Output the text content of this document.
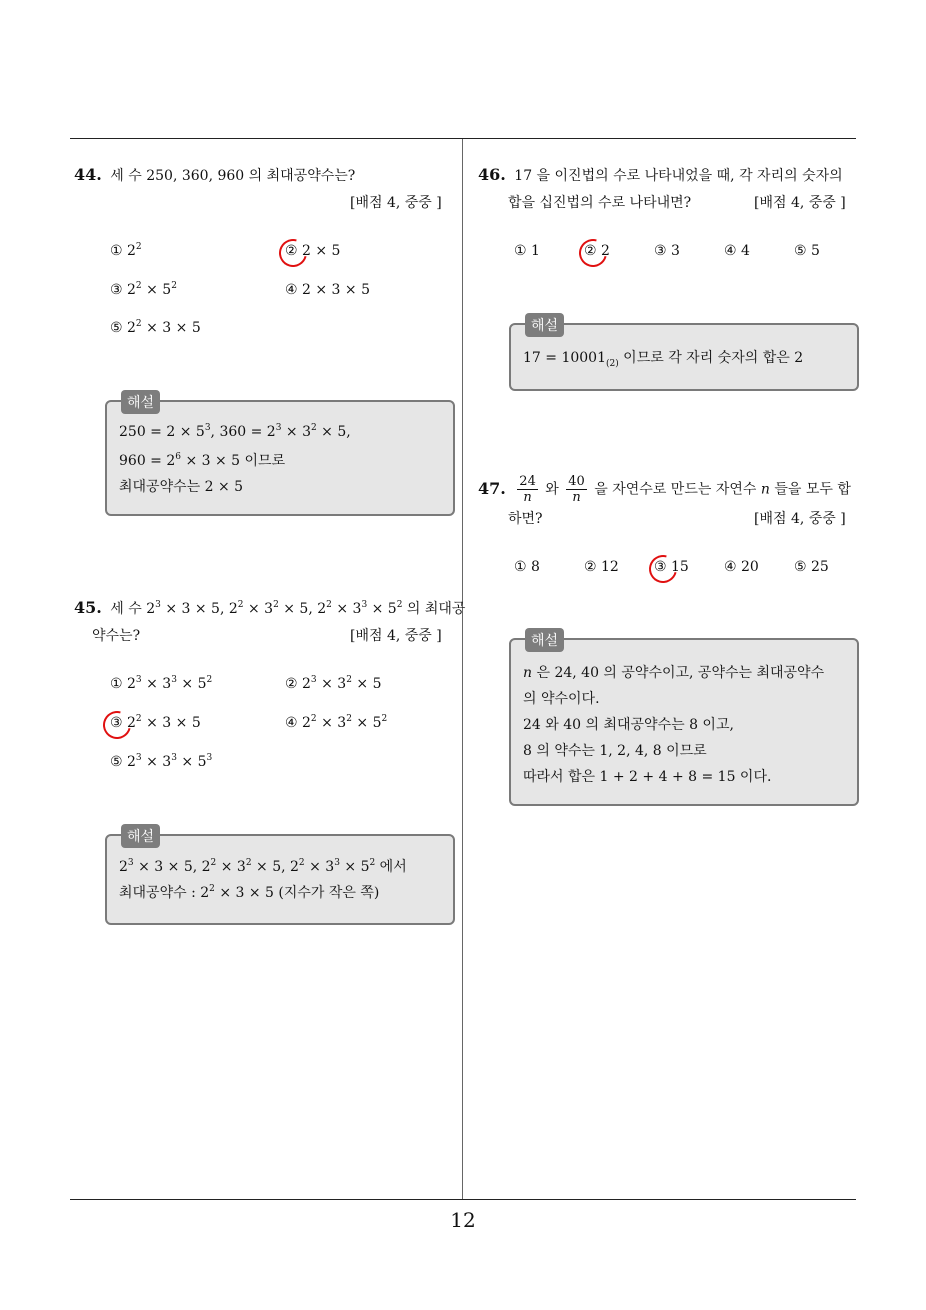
44. 세 수 250, 360, 960 의 최대공약수는?
[배점 4, 중중 ]
① $2^2$	② 2 × 5
③ $2^2 \times 5^2$	④ 2 × 3 × 5
⑤ $2^2 \times 3 \times 5$
해설
$250 = 2 \times 5^3$, $360 = 2^3 \times 3^2 \times 5$,
$960 = 2^6 \times 3 \times 5$ 이므로
최대공약수는 2 × 5
45. 세 수 $2^3 \times 3 \times 5$, $2^2 \times 3^2 \times 5$, $2^2 \times 3^3 \times 5^2$ 의 최대공
약수는?	[배점 4, 중중 ]
① $2^3 \times 3^3 \times 5^2$	② $2^3 \times 3^2 \times 5$
③ $2^2 \times 3 \times 5$	④ $2^2 \times 3^2 \times 5^2$
⑤ $2^3 \times 3^3 \times 5^3$
해설
$2^3 \times 3 \times 5$, $2^2 \times 3^2 \times 5$, $2^2 \times 3^3 \times 5^2$ 에서
최대공약수 : $2^2 \times 3 \times 5$ (지수가 작은 쪽)
46. 17 을 이진법의 수로 나타내었을 때, 각 자리의 숫자의
합을 십진법의 수로 나타내면?	[배점 4, 중중 ]
① 1	② 2	③ 3	④ 4	⑤ 5
해설
$17 = 10001_{(2)}$ 이므로 각 자리 숫자의 합은 2
47. $\frac{24}{n}$ 와 $\frac{40}{n}$ 을 자연수로 만드는 자연수 n 들을 모두 합
하면?	[배점 4, 중중 ]
① 8	② 12	③ 15	④ 20	⑤ 25
해설
n 은 24, 40 의 공약수이고, 공약수는 최대공약수
의 약수이다.
24 와 40 의 최대공약수는 8 이고,
8 의 약수는 1, 2, 4, 8 이므로
따라서 합은 1 + 2 + 4 + 8 = 15 이다.
12
